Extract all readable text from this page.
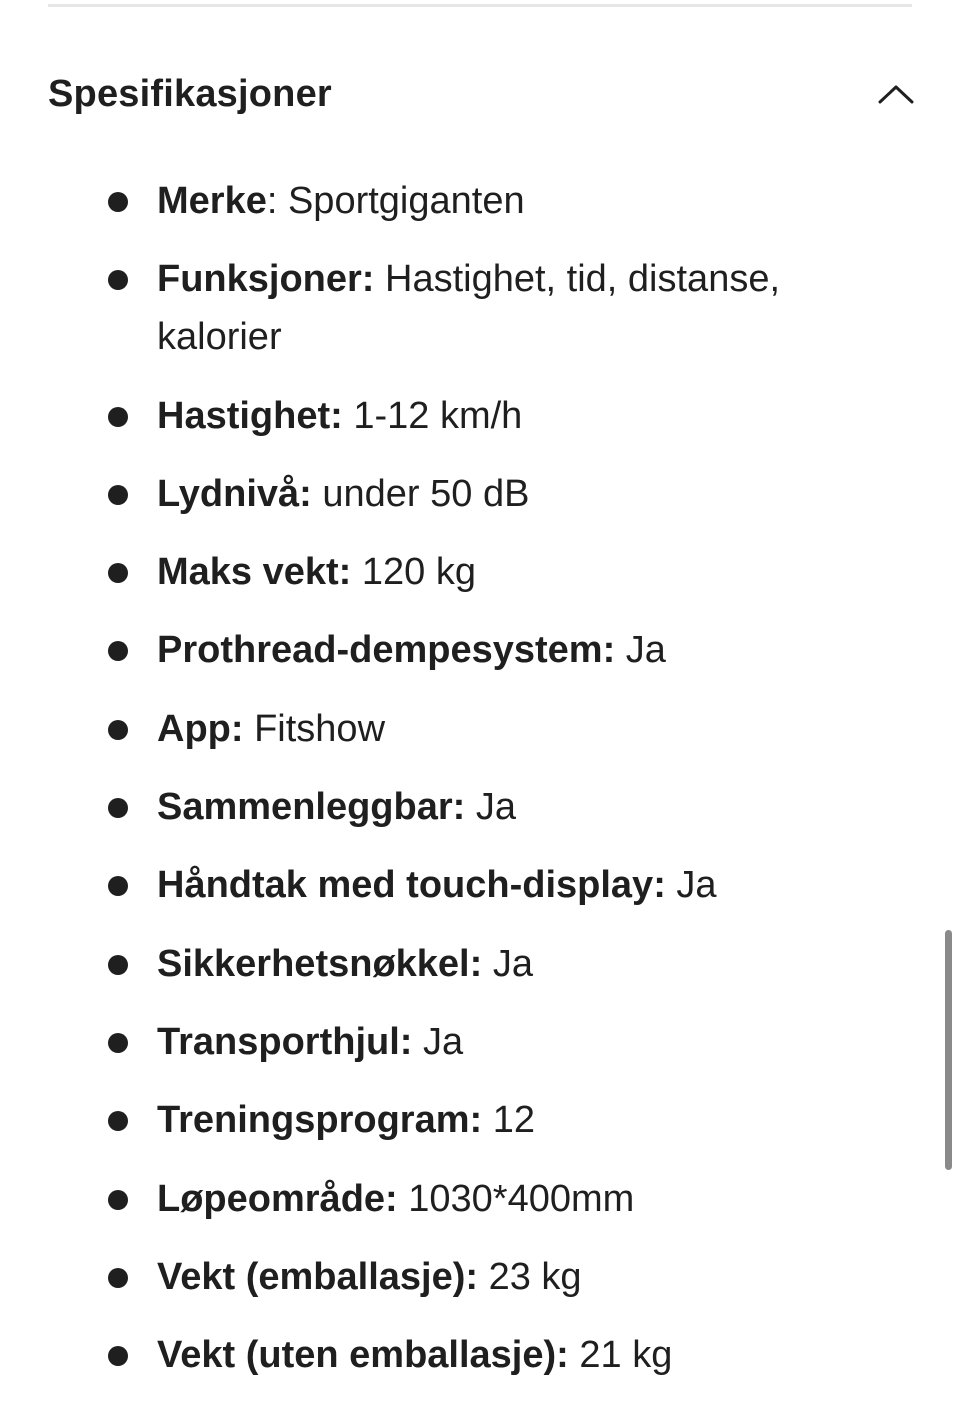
Spesifikasjoner
Merke: Sportgiganten
Funksjoner: Hastighet, tid, distanse, kalorier
Hastighet: 1-12 km/h
Lydnivå: under 50 dB
Maks vekt: 120 kg
Prothread-dempesystem: Ja
App: Fitshow
Sammenleggbar: Ja
Håndtak med touch-display: Ja
Sikkerhetsnøkkel: Ja
Transporthjul: Ja
Treningsprogram: 12
Løpeområde: 1030*400mm
Vekt (emballasje): 23 kg
Vekt (uten emballasje): 21 kg
